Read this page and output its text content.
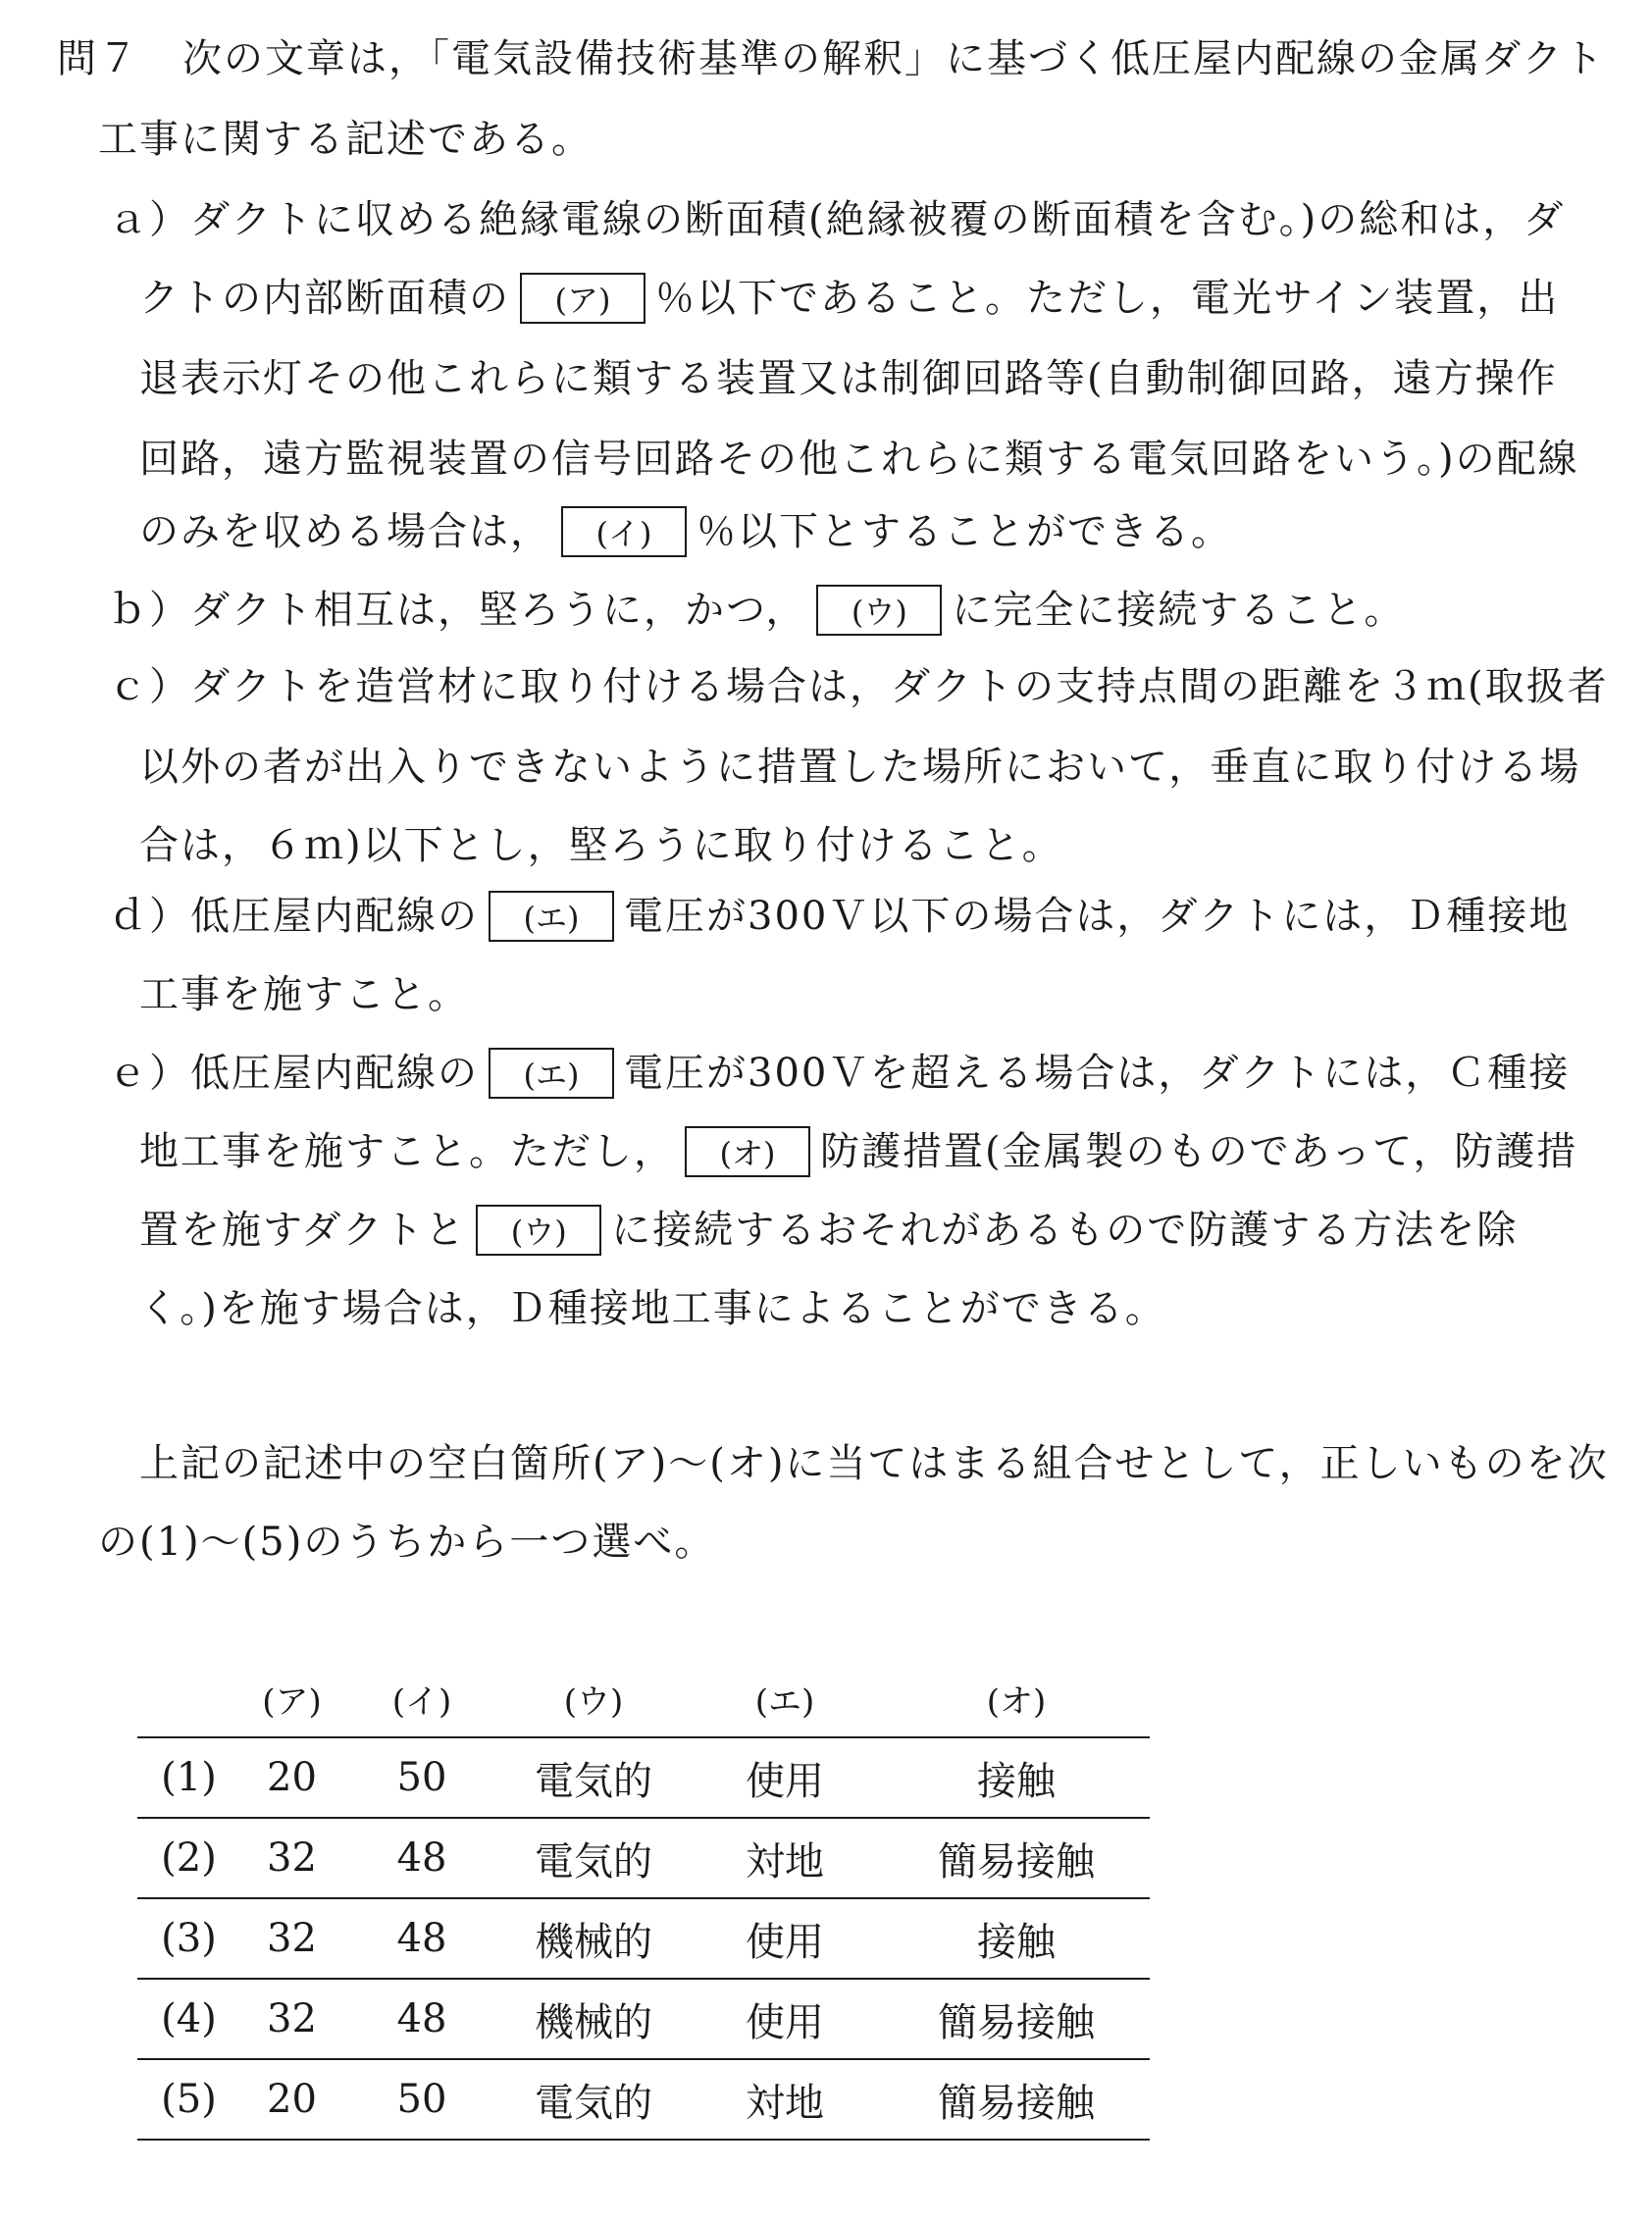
問７ 次の文章は，「電気設備技術基準の解釈」に基づく低圧屋内配線の金属ダクト
工事に関する記述である。
ａ）ダクトに収める絶縁電線の断面積(絶縁被覆の断面積を含む。)の総和は，ダ
クトの内部断面積の (ア) ％以下であること。ただし，電光サイン装置，出
退表示灯その他これらに類する装置又は制御回路等(自動制御回路，遠方操作
回路，遠方監視装置の信号回路その他これらに類する電気回路をいう。)の配線
のみを収める場合は， (イ) ％以下とすることができる。
ｂ）ダクト相互は，堅ろうに，かつ， (ウ) に完全に接続すること。
ｃ）ダクトを造営材に取り付ける場合は，ダクトの支持点間の距離を３ｍ(取扱者
以外の者が出入りできないように措置した場所において，垂直に取り付ける場
合は，６ｍ)以下とし，堅ろうに取り付けること。
ｄ）低圧屋内配線の (エ) 電圧が300Ｖ以下の場合は，ダクトには，Ｄ種接地
工事を施すこと。
ｅ）低圧屋内配線の (エ) 電圧が300Ｖを超える場合は，ダクトには，Ｃ種接
地工事を施すこと。ただし， (オ) 防護措置(金属製のものであって，防護措
置を施すダクトと (ウ) に接続するおそれがあるもので防護する方法を除
く。)を施す場合は，Ｄ種接地工事によることができる。
上記の記述中の空白箇所(ア)～(オ)に当てはまる組合せとして，正しいものを次
の(1)～(5)のうちから一つ選べ。
	(ア)	(イ)	(ウ)	(エ)	(オ)
(1)	20	50	電気的	使用	接触
(2)	32	48	電気的	対地	簡易接触
(3)	32	48	機械的	使用	接触
(4)	32	48	機械的	使用	簡易接触
(5)	20	50	電気的	対地	簡易接触
